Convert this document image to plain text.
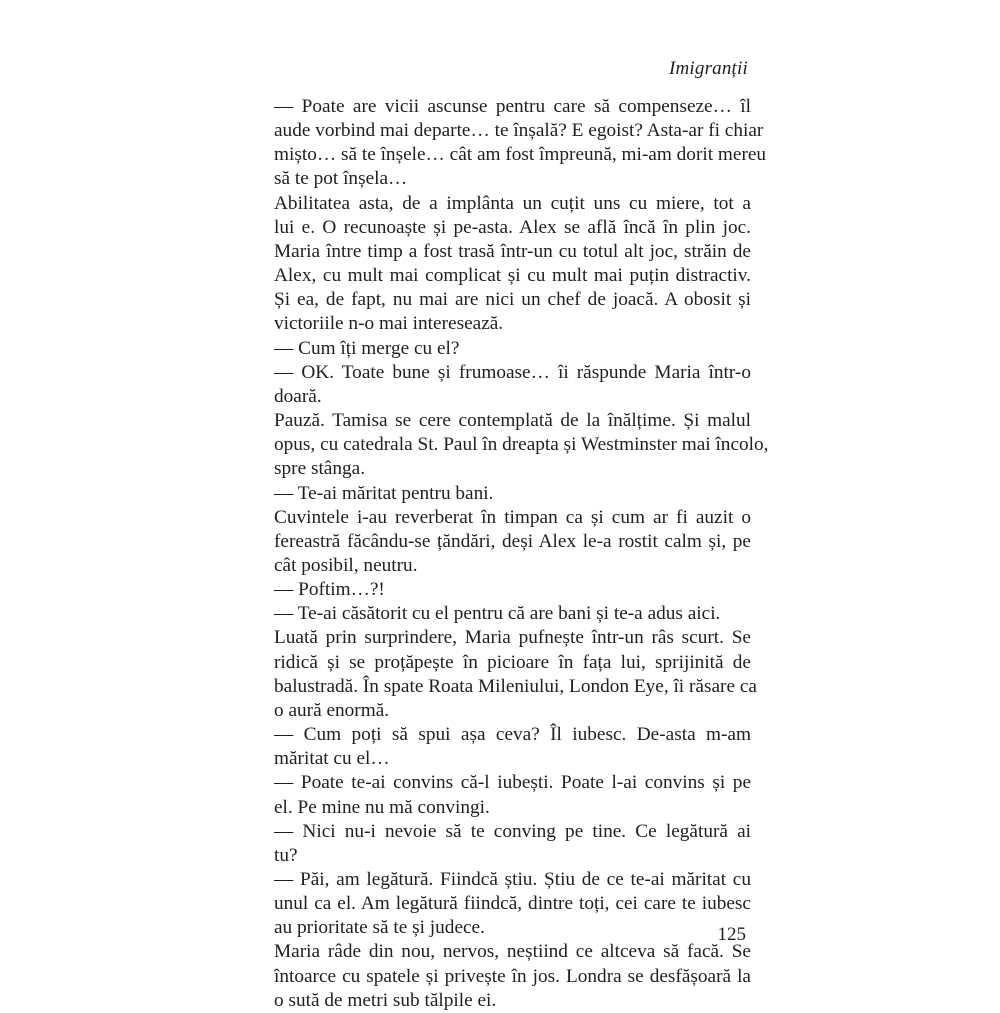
Imigranții

— Poate are vicii ascunse pentru care să compenseze… îl
aude vorbind mai departe… te înșală? E egoist? Asta-ar fi chiar
mișto… să te înșele… cât am fost împreună, mi-am dorit mereu
să te pot înșela…

Abilitatea asta, de a implânta un cuțit uns cu miere, tot a
lui e. O recunoaște și pe-asta. Alex se află încă în plin joc.
Maria între timp a fost trasă într-un cu totul alt joc, străin de
Alex, cu mult mai complicat și cu mult mai puțin distractiv.
Și ea, de fapt, nu mai are nici un chef de joacă. A obosit și
victoriile n-o mai interesează.

— Cum îți merge cu el?

— OK. Toate bune și frumoase… îi răspunde Maria într-o
doară.

Pauză. Tamisa se cere contemplată de la înălțime. Și malul
opus, cu catedrala St. Paul în dreapta și Westminster mai încolo,
spre stânga.

— Te-ai măritat pentru bani.

Cuvintele i-au reverberat în timpan ca și cum ar fi auzit o
fereastră făcându-se țăndări, deși Alex le-a rostit calm și, pe
cât posibil, neutru.

— Poftim…?!

— Te-ai căsătorit cu el pentru că are bani și te-a adus aici.

Luată prin surprindere, Maria pufnește într-un râs scurt. Se
ridică și se proțăpește în picioare în fața lui, sprijinită de
balustradă. În spate Roata Mileniului, London Eye, îi răsare ca
o aură enormă.

— Cum poți să spui așa ceva? Îl iubesc. De-asta m-am
măritat cu el…

— Poate te-ai convins că-l iubești. Poate l-ai convins și pe
el. Pe mine nu mă convingi.

— Nici nu-i nevoie să te conving pe tine. Ce legătură ai
tu?

— Păi, am legătură. Fiindcă știu. Știu de ce te-ai măritat cu
unul ca el. Am legătură fiindcă, dintre toți, cei care te iubesc
au prioritate să te și judece.

Maria râde din nou, nervos, neștiind ce altceva să facă. Se
întoarce cu spatele și privește în jos. Londra se desfășoară la
o sută de metri sub tălpile ei.

125
